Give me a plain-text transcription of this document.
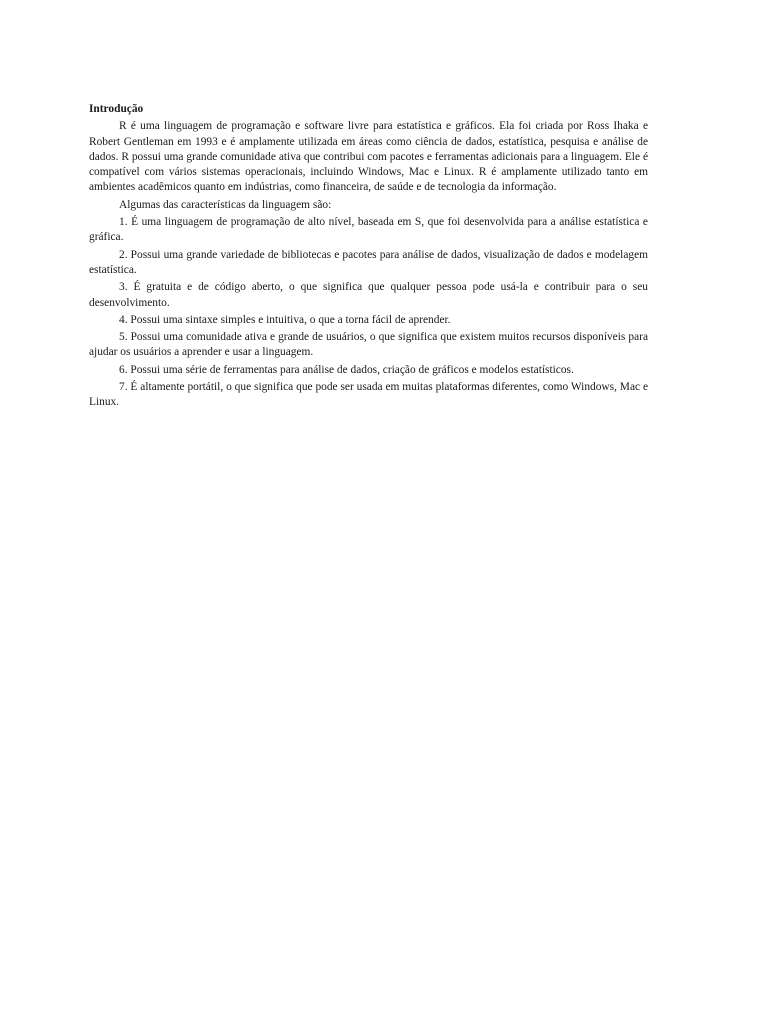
Introdução

R é uma linguagem de programação e software livre para estatística e gráficos. Ela foi criada por Ross Ihaka e Robert Gentleman em 1993 e é amplamente utilizada em áreas como ciência de dados, estatística, pesquisa e análise de dados. R possui uma grande comunidade ativa que contribui com pacotes e ferramentas adicionais para a linguagem. Ele é compatível com vários sistemas operacionais, incluindo Windows, Mac e Linux. R é amplamente utilizado tanto em ambientes acadêmicos quanto em indústrias, como financeira, de saúde e de tecnologia da informação.

Algumas das características da linguagem são:

1. É uma linguagem de programação de alto nível, baseada em S, que foi desenvolvida para a análise estatística e gráfica.

2. Possui uma grande variedade de bibliotecas e pacotes para análise de dados, visualização de dados e modelagem estatística.

3. É gratuita e de código aberto, o que significa que qualquer pessoa pode usá-la e contribuir para o seu desenvolvimento.

4. Possui uma sintaxe simples e intuitiva, o que a torna fácil de aprender.

5. Possui uma comunidade ativa e grande de usuários, o que significa que existem muitos recursos disponíveis para ajudar os usuários a aprender e usar a linguagem.

6. Possui uma série de ferramentas para análise de dados, criação de gráficos e modelos estatísticos.

7. É altamente portátil, o que significa que pode ser usada em muitas plataformas diferentes, como Windows, Mac e Linux.
